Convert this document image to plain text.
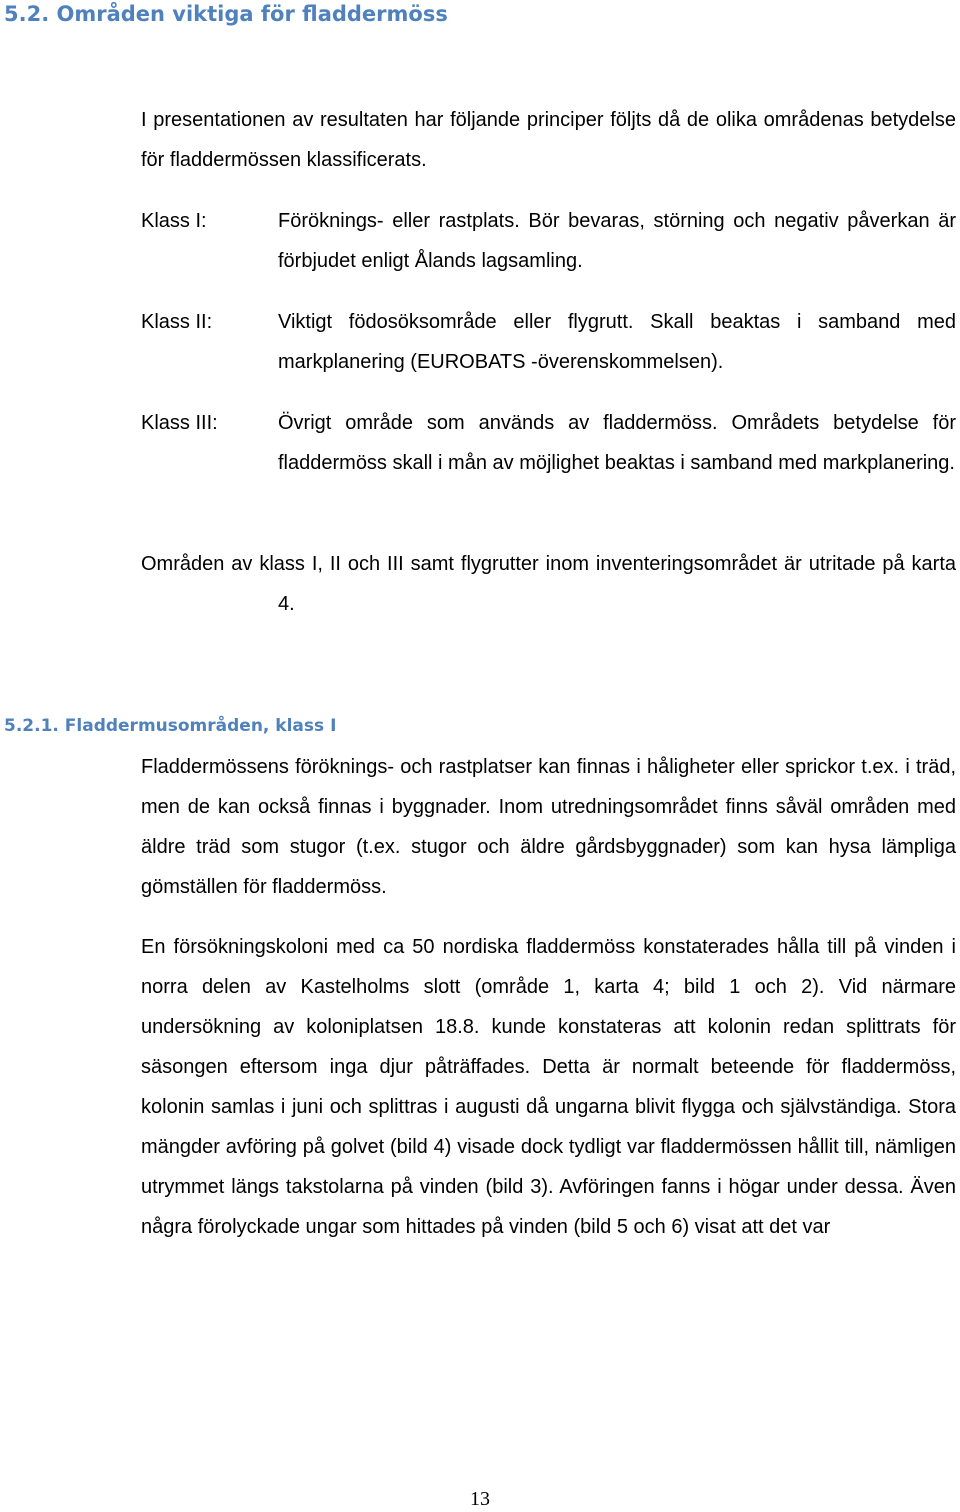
5.2. Områden viktiga för fladdermöss
I presentationen av resultaten har följande principer följts då de olika områdenas betydelse för fladdermössen klassificerats.
Klass I:	Föröknings- eller rastplats. Bör bevaras, störning och negativ påverkan är förbjudet enligt Ålands lagsamling.
Klass II:	Viktigt födosöksområde eller flygrutt. Skall beaktas i samband med markplanering (EUROBATS -överenskommelsen).
Klass III:	Övrigt område som används av fladdermöss. Områdets betydelse för fladdermöss skall i mån av möjlighet beaktas i samband med markplanering.
Områden av klass I, II och III samt flygrutter inom inventeringsområdet är utritade på karta 4.
5.2.1. Fladdermusområden, klass I
Fladdermössens föröknings- och rastplatser kan finnas i håligheter eller sprickor t.ex. i träd, men de kan också finnas i byggnader. Inom utredningsområdet finns såväl områden med äldre träd som stugor (t.ex. stugor och äldre gårdsbyggnader) som kan hysa lämpliga gömställen för fladdermöss.
En försökningskoloni med ca 50 nordiska fladdermöss konstaterades hålla till på vinden i norra delen av Kastelholms slott (område 1, karta 4; bild 1 och 2). Vid närmare undersökning av koloniplatsen 18.8. kunde konstateras att kolonin redan splittrats för säsongen eftersom inga djur påträffades. Detta är normalt beteende för fladdermöss, kolonin samlas i juni och splittras i augusti då ungarna blivit flygga och självständiga. Stora mängder avföring på golvet (bild 4) visade dock tydligt var fladdermössen hållit till, nämligen utrymmet längs takstolarna på vinden (bild 3). Avföringen fanns i högar under dessa. Även några förolyckade ungar som hittades på vinden (bild 5 och 6) visat att det var
13
